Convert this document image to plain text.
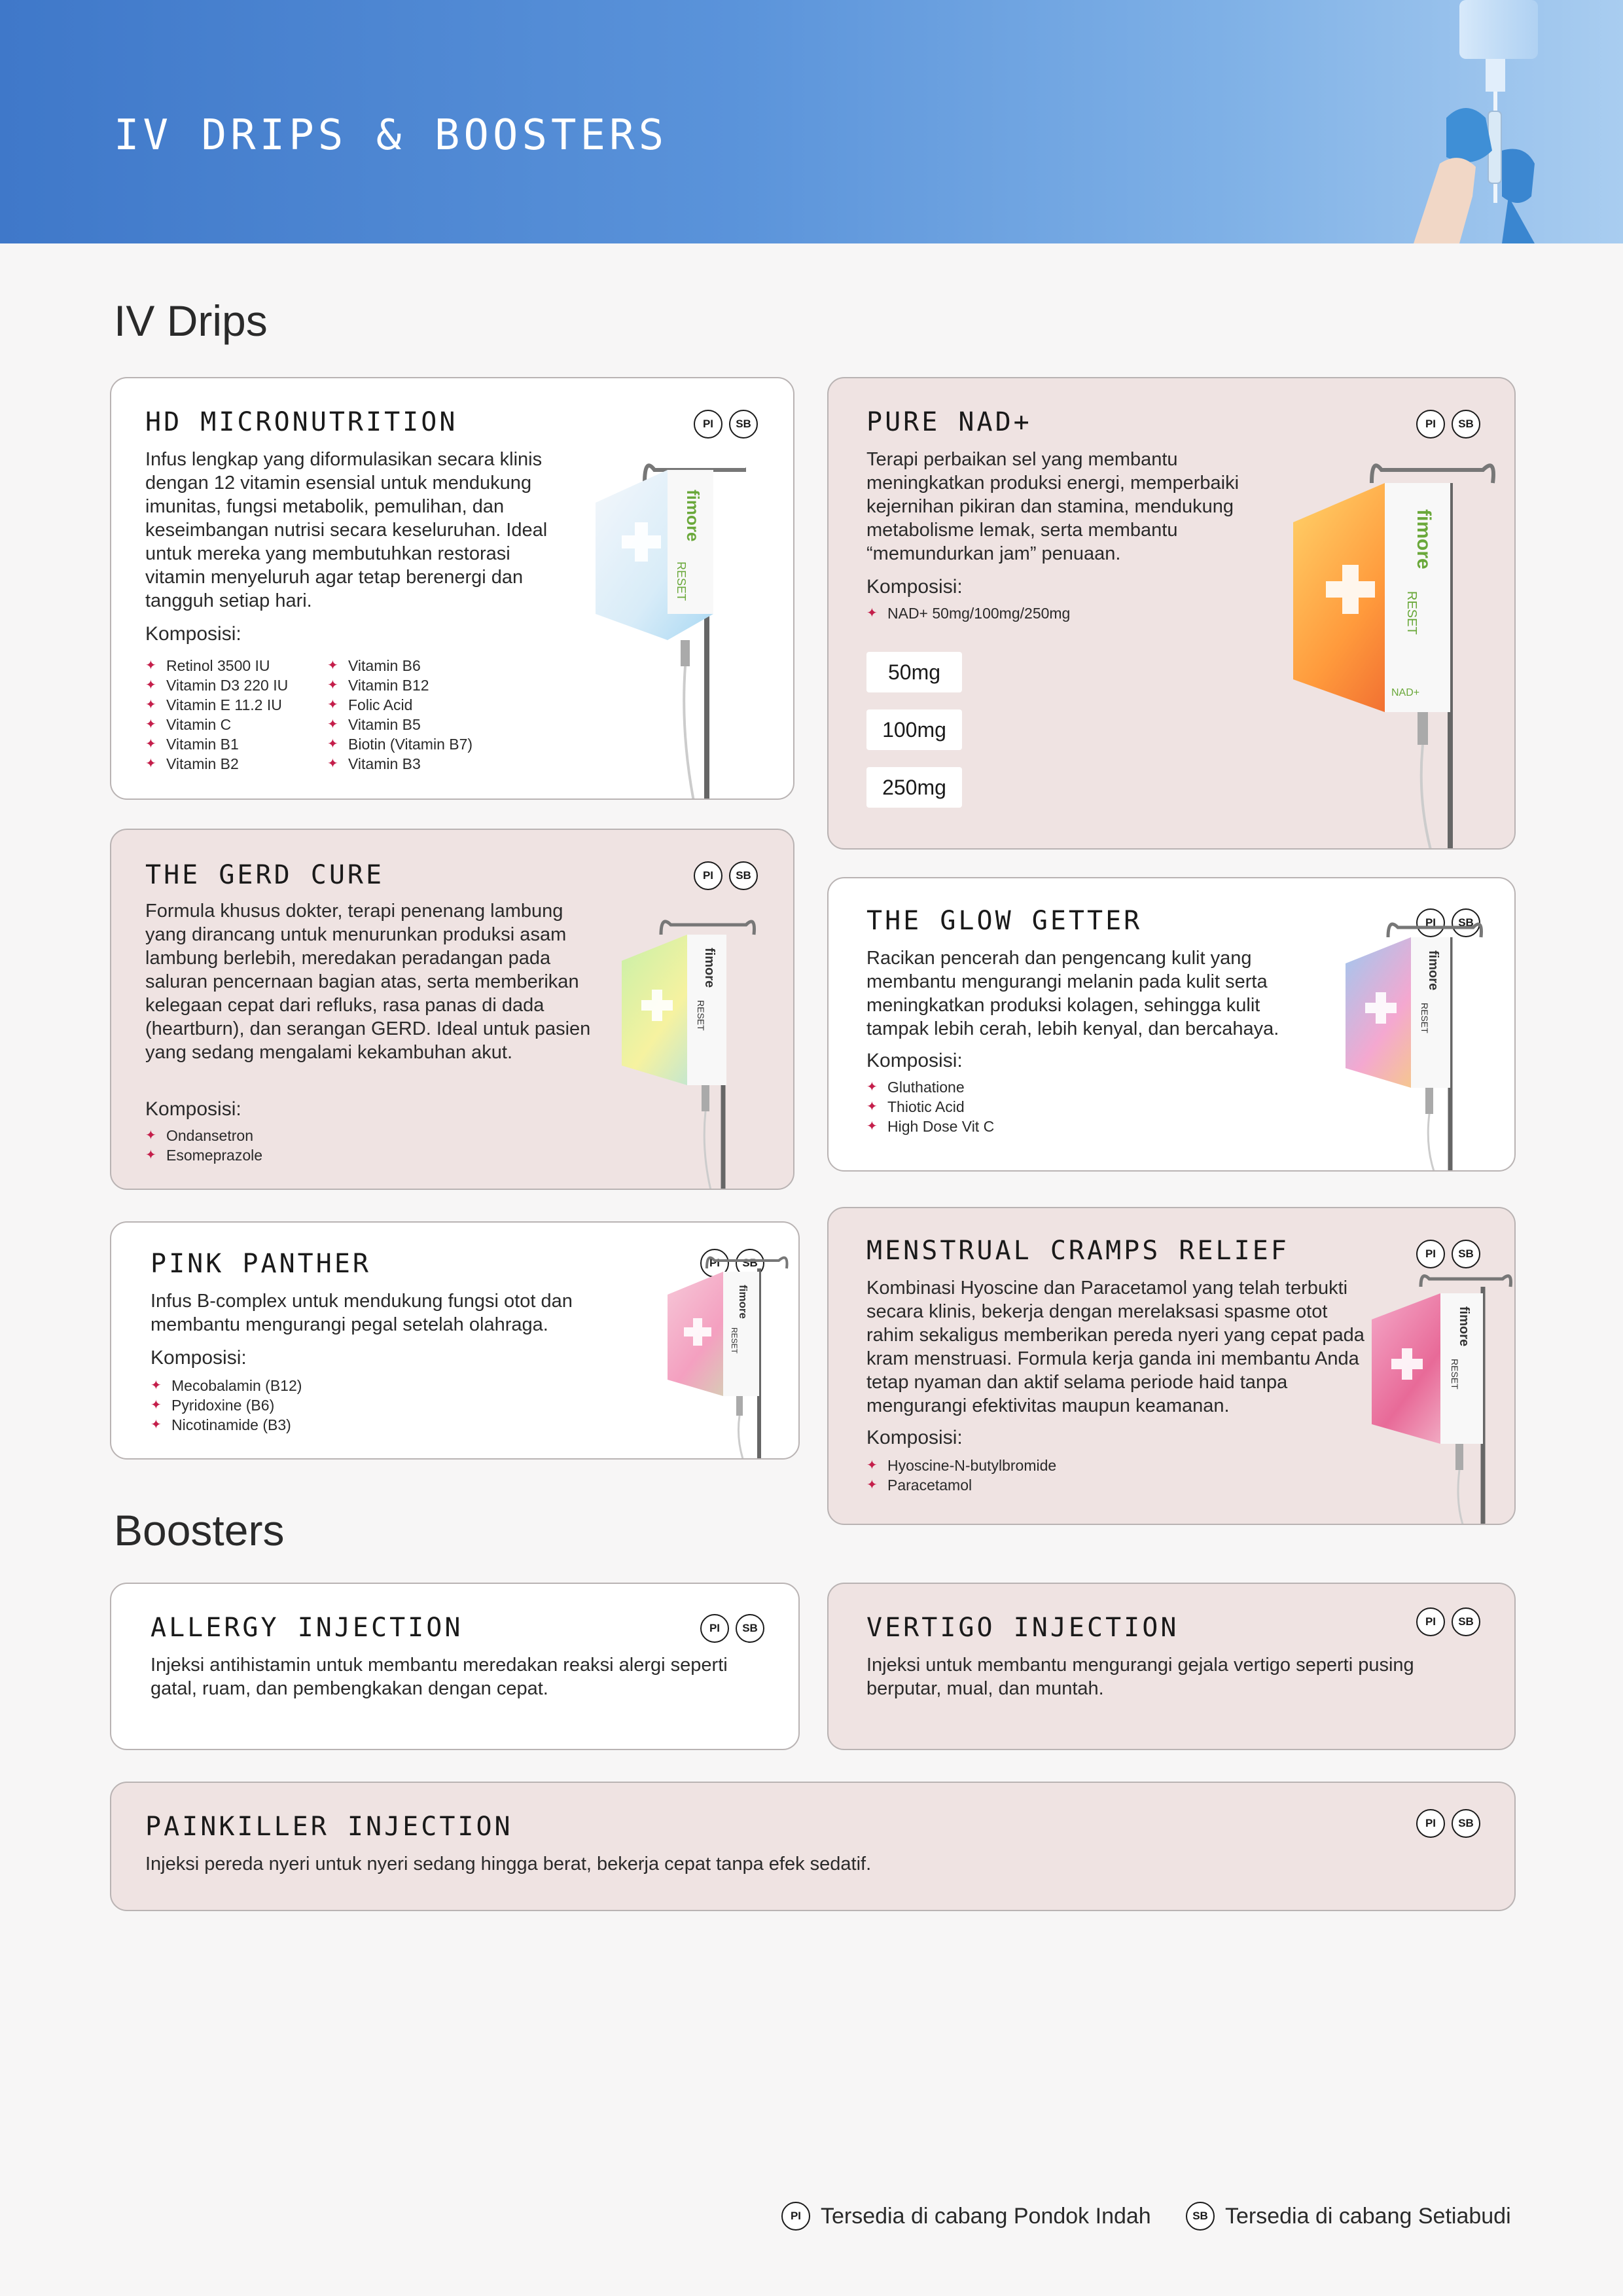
IV DRIPS & BOOSTERS
IV Drips
HD MICRONUTRITION	PI	SB
Infus lengkap yang diformulasikan secara klinis dengan 12 vitamin esensial untuk mendukung imunitas, fungsi metabolik, pemulihan, dan keseimbangan nutrisi secara keseluruhan. Ideal untuk mereka yang membutuhkan restorasi vitamin menyeluruh agar tetap berenergi dan tangguh setiap hari.
Komposisi:
✦ Retinol 3500 IU
✦ Vitamin D3 220 IU
✦ Vitamin E 11.2 IU
✦ Vitamin C
✦ Vitamin B1
✦ Vitamin B2
✦ Vitamin B6
✦ Vitamin B12
✦ Folic Acid
✦ Vitamin B5
✦ Biotin (Vitamin B7)
✦ Vitamin B3
fimore
RESET
PURE NAD+	PI	SB
Terapi perbaikan sel yang membantu meningkatkan produksi energi, memperbaiki kejernihan pikiran dan stamina, mendukung metabolisme lemak, serta membantu “memundurkan jam” penuaan.
Komposisi:
✦ NAD+ 50mg/100mg/250mg
50mg
100mg
250mg
fimore
RESET
NAD+
THE GERD CURE	PI	SB
Formula khusus dokter, terapi penenang lambung yang dirancang untuk menurunkan produksi asam lambung berlebih, meredakan peradangan pada saluran pencernaan bagian atas, serta memberikan kelegaan cepat dari refluks, rasa panas di dada (heartburn), dan serangan GERD. Ideal untuk pasien yang sedang mengalami kekambuhan akut.
Komposisi:
✦ Ondansetron
✦ Esomeprazole
fimore
RESET
THE GLOW GETTER	PI	SB
Racikan pencerah dan pengencang kulit yang membantu mengurangi melanin pada kulit serta meningkatkan produksi kolagen, sehingga kulit tampak lebih cerah, lebih kenyal, dan bercahaya.
Komposisi:
✦ Gluthatione
✦ Thiotic Acid
✦ High Dose Vit C
fimore
RESET
PINK PANTHER	PI	SB
Infus B-complex untuk mendukung fungsi otot dan membantu mengurangi pegal setelah olahraga.
Komposisi:
✦ Mecobalamin (B12)
✦ Pyridoxine (B6)
✦ Nicotinamide (B3)
fimore
RESET
MENSTRUAL CRAMPS RELIEF	PI	SB
Kombinasi Hyoscine dan Paracetamol yang telah terbukti secara klinis, bekerja dengan merelaksasi spasme otot rahim sekaligus memberikan pereda nyeri yang cepat pada kram menstruasi. Formula kerja ganda ini membantu Anda tetap nyaman dan aktif selama periode haid tanpa mengurangi efektivitas maupun keamanan.
Komposisi:
✦ Hyoscine-N-butylbromide
✦ Paracetamol
fimore
RESET
Boosters
ALLERGY INJECTION	PI	SB
Injeksi antihistamin untuk membantu meredakan reaksi alergi seperti gatal, ruam, dan pembengkakan dengan cepat.
VERTIGO INJECTION	PI	SB
Injeksi untuk membantu mengurangi gejala vertigo seperti pusing berputar, mual, dan muntah.
PAINKILLER INJECTION	PI	SB
Injeksi pereda nyeri untuk nyeri sedang hingga berat, bekerja cepat tanpa efek sedatif.
PI Tersedia di cabang Pondok Indah	SB Tersedia di cabang Setiabudi
